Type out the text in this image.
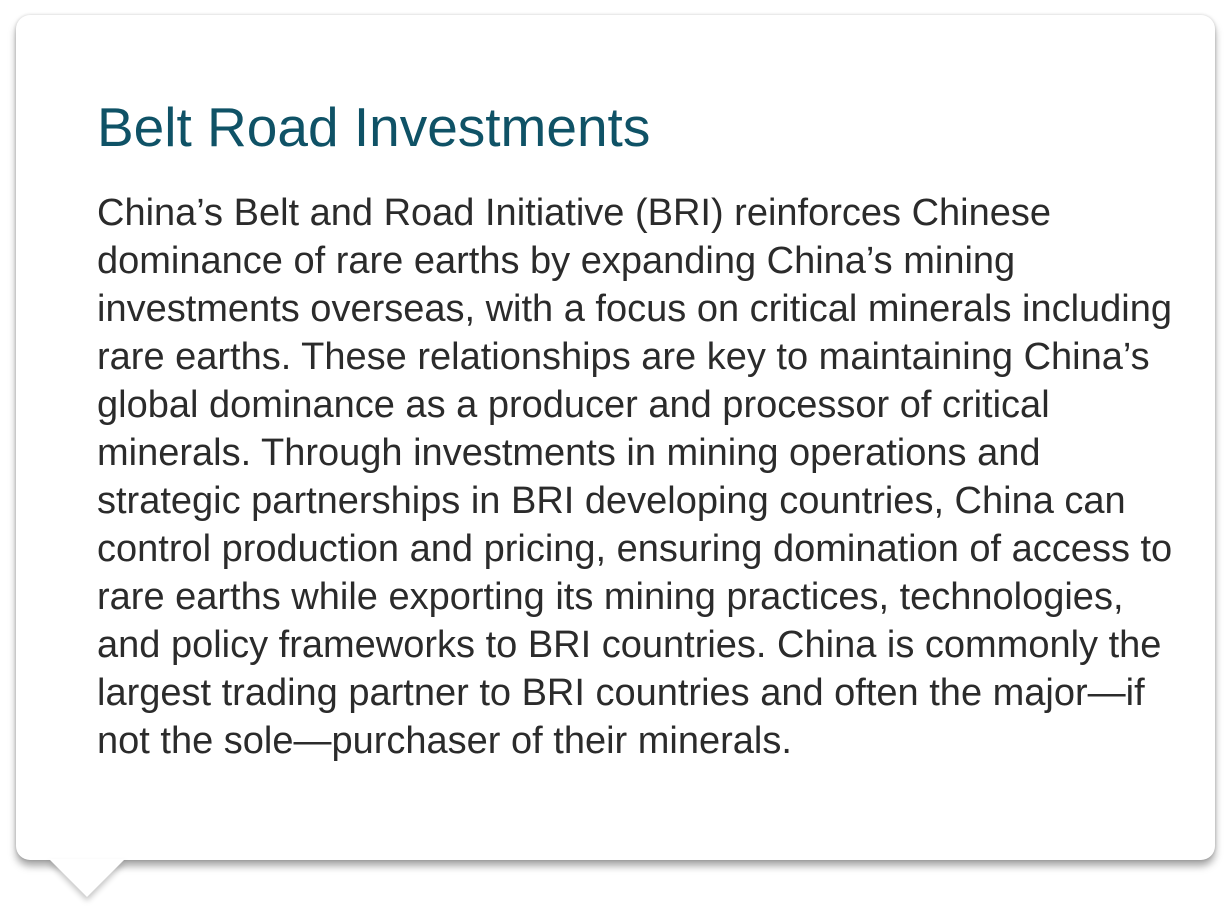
Belt Road Investments

China’s Belt and Road Initiative (BRI) reinforces Chinese dominance of rare earths by expanding China’s mining investments overseas, with a focus on critical minerals including rare earths. These relationships are key to maintaining China’s global dominance as a producer and processor of critical minerals. Through investments in mining operations and strategic partnerships in BRI developing countries, China can control production and pricing, ensuring domination of access to rare earths while exporting its mining practices, technologies, and policy frameworks to BRI countries. China is commonly the largest trading partner to BRI countries and often the major—if not the sole—purchaser of their minerals.
